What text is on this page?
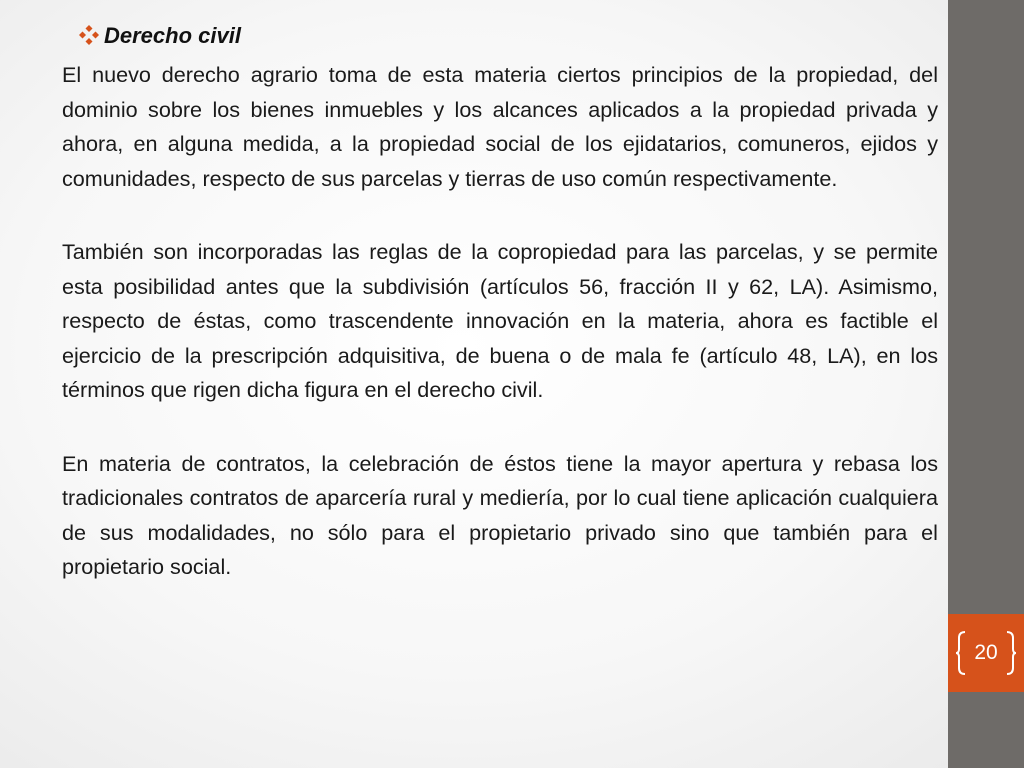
Derecho civil

El nuevo derecho agrario toma de esta materia ciertos principios de la propiedad, del dominio sobre los bienes inmuebles y los alcances aplicados a la propiedad privada y ahora, en alguna medida, a la propiedad social de los ejidatarios, comuneros, ejidos y comunidades, respecto de sus parcelas y tierras de uso común respectivamente.

También son incorporadas las reglas de la copropiedad para las parcelas, y se permite esta posibilidad antes que la subdivisión (artículos 56, fracción II y 62, LA). Asimismo, respecto de éstas, como trascendente innovación en la materia, ahora es factible el ejercicio de la prescripción adquisitiva, de buena o de mala fe (artículo 48, LA), en los términos que rigen dicha figura en el derecho civil.

En materia de contratos, la celebración de éstos tiene la mayor apertura y rebasa los tradicionales contratos de aparcería rural y mediería, por lo cual tiene aplicación cualquiera de sus modalidades, no sólo para el propietario privado sino que también para el propietario social.

20
